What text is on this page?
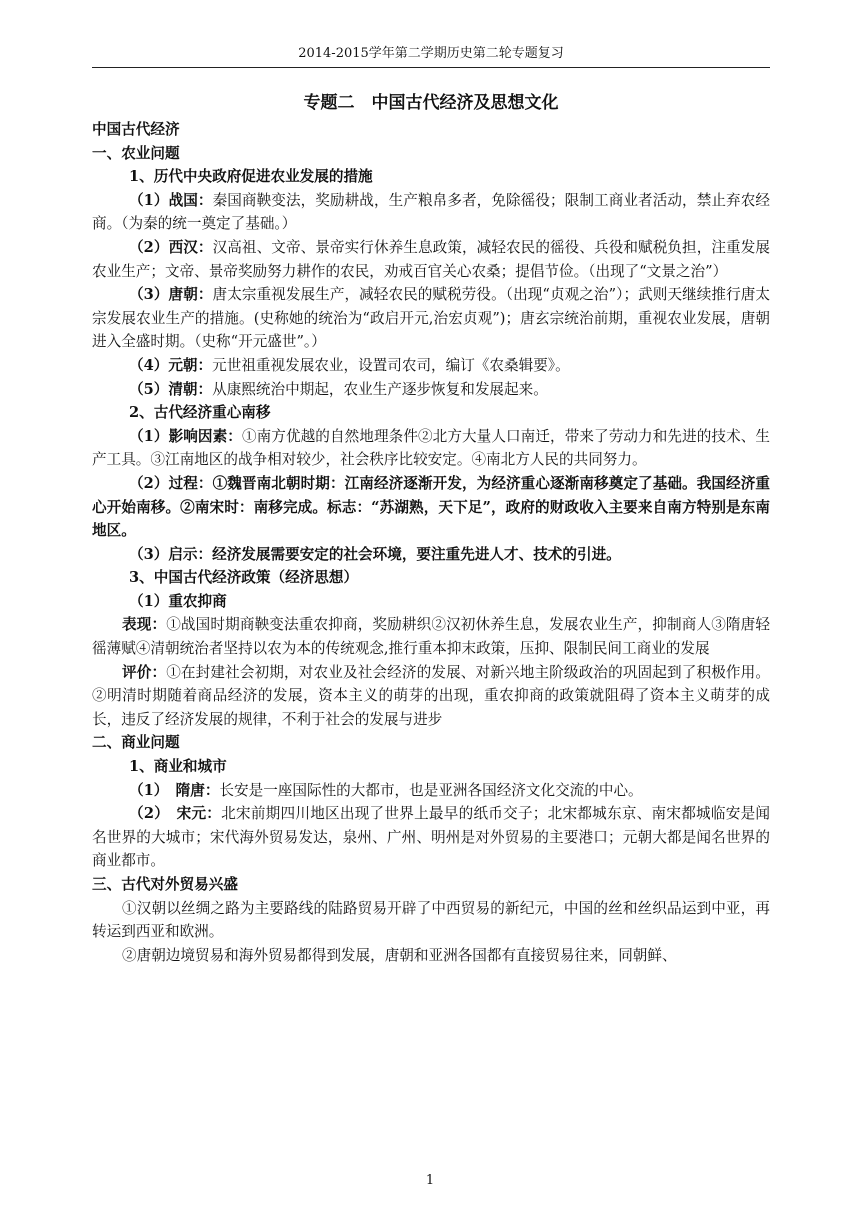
2014-2015学年第二学期历史第二轮专题复习
专题二　中国古代经济及思想文化

中国古代经济

一、农业问题

1、历代中央政府促进农业发展的措施

（1）战国：秦国商鞅变法，奖励耕战，生产粮帛多者，免除徭役；限制工商业者活动，禁止弃农经商。（为秦的统一奠定了基础。）

（2）西汉：汉高祖、文帝、景帝实行休养生息政策，减轻农民的徭役、兵役和赋税负担，注重发展农业生产；文帝、景帝奖励努力耕作的农民，劝戒百官关心农桑；提倡节俭。（出现了“文景之治”）

（3）唐朝：唐太宗重视发展生产，减轻农民的赋税劳役。（出现“贞观之治”）；武则天继续推行唐太宗发展农业生产的措施。(史称她的统治为“政启开元,治宏贞观”)；唐玄宗统治前期，重视农业发展，唐朝进入全盛时期。（史称“开元盛世”。）

（4）元朝：元世祖重视发展农业，设置司农司，编订《农桑辑要》。

（5）清朝：从康熙统治中期起，农业生产逐步恢复和发展起来。

2、古代经济重心南移

（1）影响因素：①南方优越的自然地理条件②北方大量人口南迁，带来了劳动力和先进的技术、生产工具。③江南地区的战争相对较少，社会秩序比较安定。④南北方人民的共同努力。

（2）过程：①魏晋南北朝时期：江南经济逐渐开发，为经济重心逐渐南移奠定了基础。我国经济重心开始南移。②南宋时：南移完成。标志：“苏湖熟，天下足”，政府的财政收入主要来自南方特别是东南地区。

（3）启示：经济发展需要安定的社会环境，要注重先进人才、技术的引进。

3、中国古代经济政策（经济思想）

（1）重农抑商

表现：①战国时期商鞅变法重农抑商，奖励耕织②汉初休养生息，发展农业生产，抑制商人③隋唐轻徭薄赋④清朝统治者坚持以农为本的传统观念,推行重本抑末政策，压抑、限制民间工商业的发展

评价：①在封建社会初期，对农业及社会经济的发展、对新兴地主阶级政治的巩固起到了积极作用。②明清时期随着商品经济的发展，资本主义的萌芽的出现，重农抑商的政策就阻碍了资本主义萌芽的成长，违反了经济发展的规律，不利于社会的发展与进步

二、商业问题

1、商业和城市

（1）　隋唐：长安是一座国际性的大都市，也是亚洲各国经济文化交流的中心。

（2）　宋元：北宋前期四川地区出现了世界上最早的纸币交子；北宋都城东京、南宋都城临安是闻名世界的大城市；宋代海外贸易发达，泉州、广州、明州是对外贸易的主要港口；元朝大都是闻名世界的商业都市。

三、古代对外贸易兴盛

①汉朝以丝绸之路为主要路线的陆路贸易开辟了中西贸易的新纪元，中国的丝和丝织品运到中亚，再转运到西亚和欧洲。

②唐朝边境贸易和海外贸易都得到发展，唐朝和亚洲各国都有直接贸易往来，同朝鲜、

1
